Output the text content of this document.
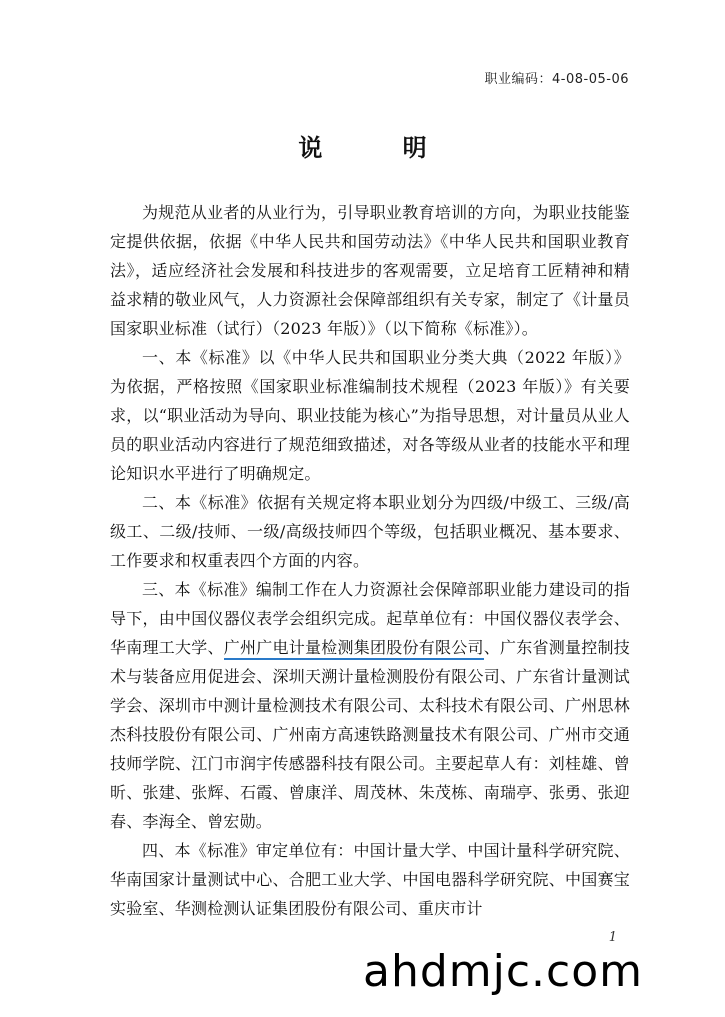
职业编码：4-08-05-06
说 明

为规范从业者的从业行为，引导职业教育培训的方向，为职业技能鉴定提供依据，依据《中华人民共和国劳动法》《中华人民共和国职业教育法》，适应经济社会发展和科技进步的客观需要，立足培育工匠精神和精益求精的敬业风气，人力资源社会保障部组织有关专家，制定了《计量员国家职业标准（试行）（2023 年版）》（以下简称《标准》）。

一、本《标准》以《中华人民共和国职业分类大典（2022 年版）》为依据，严格按照《国家职业标准编制技术规程（2023 年版）》有关要求，以“职业活动为导向、职业技能为核心”为指导思想，对计量员从业人员的职业活动内容进行了规范细致描述，对各等级从业者的技能水平和理论知识水平进行了明确规定。

二、本《标准》依据有关规定将本职业划分为四级/中级工、三级/高级工、二级/技师、一级/高级技师四个等级，包括职业概况、基本要求、工作要求和权重表四个方面的内容。

三、本《标准》编制工作在人力资源社会保障部职业能力建设司的指导下，由中国仪器仪表学会组织完成。起草单位有：中国仪器仪表学会、华南理工大学、广州广电计量检测集团股份有限公司、广东省测量控制技术与装备应用促进会、深圳天溯计量检测股份有限公司、广东省计量测试学会、深圳市中测计量检测技术有限公司、太科技术有限公司、广州思林杰科技股份有限公司、广州南方高速铁路测量技术有限公司、广州市交通技师学院、江门市润宇传感器科技有限公司。主要起草人有：刘桂雄、曾昕、张建、张辉、石霞、曾康洋、周茂林、朱茂栋、南瑞亭、张勇、张迎春、李海全、曾宏勋。

四、本《标准》审定单位有：中国计量大学、中国计量科学研究院、华南国家计量测试中心、合肥工业大学、中国电器科学研究院、中国赛宝实验室、华测检测认证集团股份有限公司、重庆市计

1
ahdmjc.com
